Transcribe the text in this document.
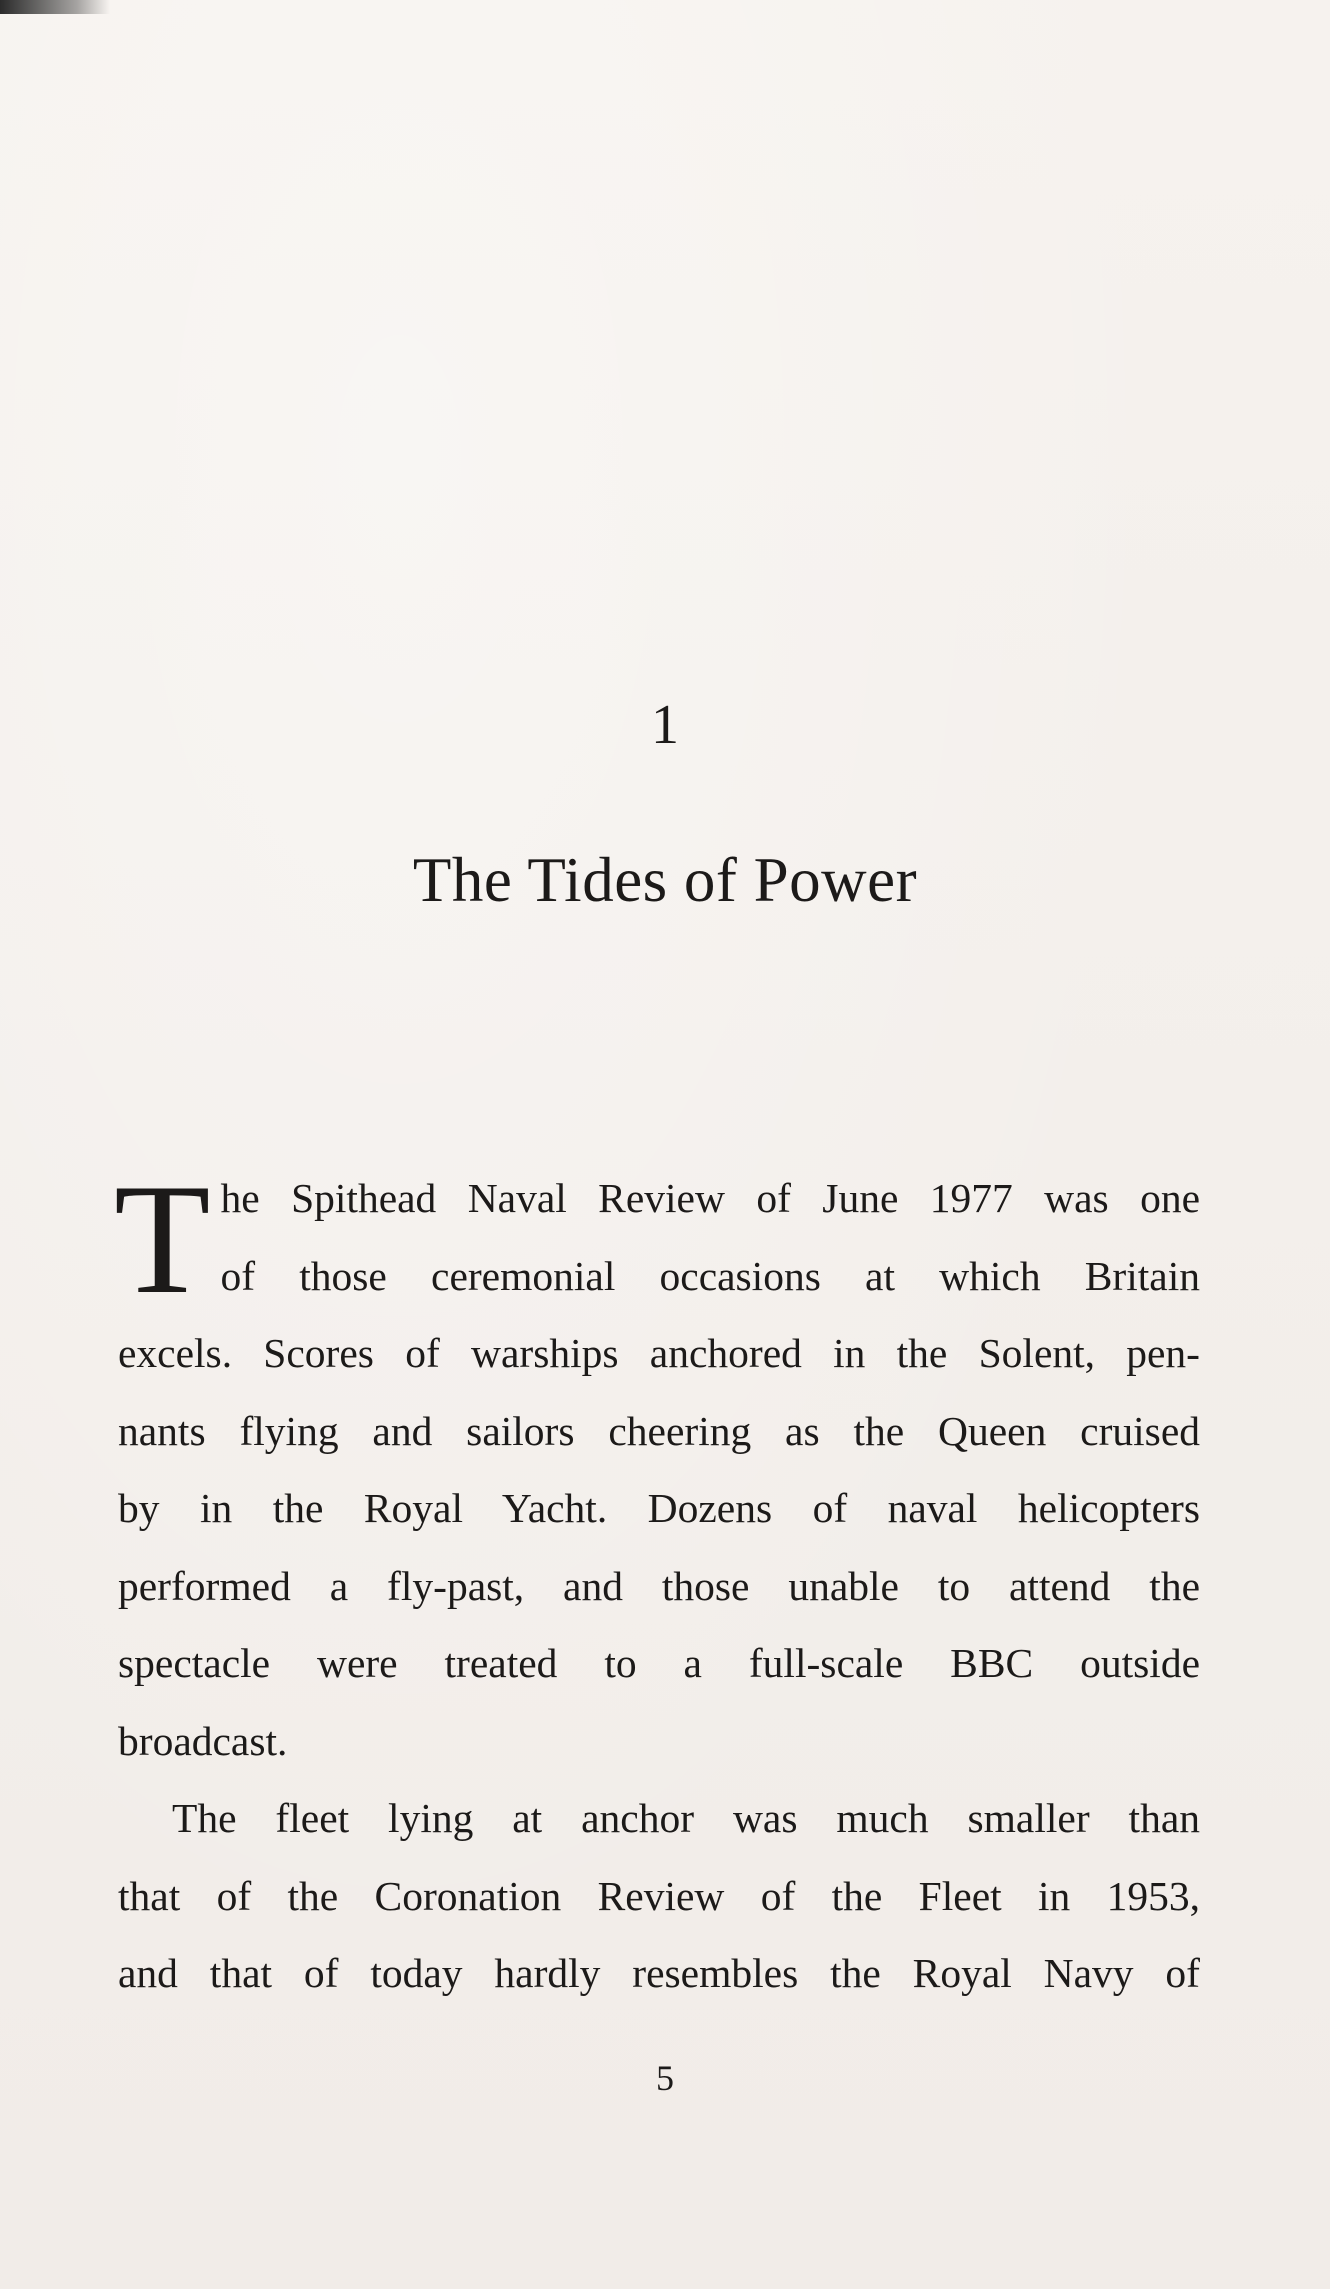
1
The Tides of Power
T he Spithead Naval Review of June 1977 was one
of those ceremonial occasions at which Britain
excels. Scores of warships anchored in the Solent, pen-
nants flying and sailors cheering as the Queen cruised
by in the Royal Yacht. Dozens of naval helicopters
performed a fly-past, and those unable to attend the
spectacle were treated to a full-scale BBC outside
broadcast.
The fleet lying at anchor was much smaller than
that of the Coronation Review of the Fleet in 1953,
and that of today hardly resembles the Royal Navy of
5
